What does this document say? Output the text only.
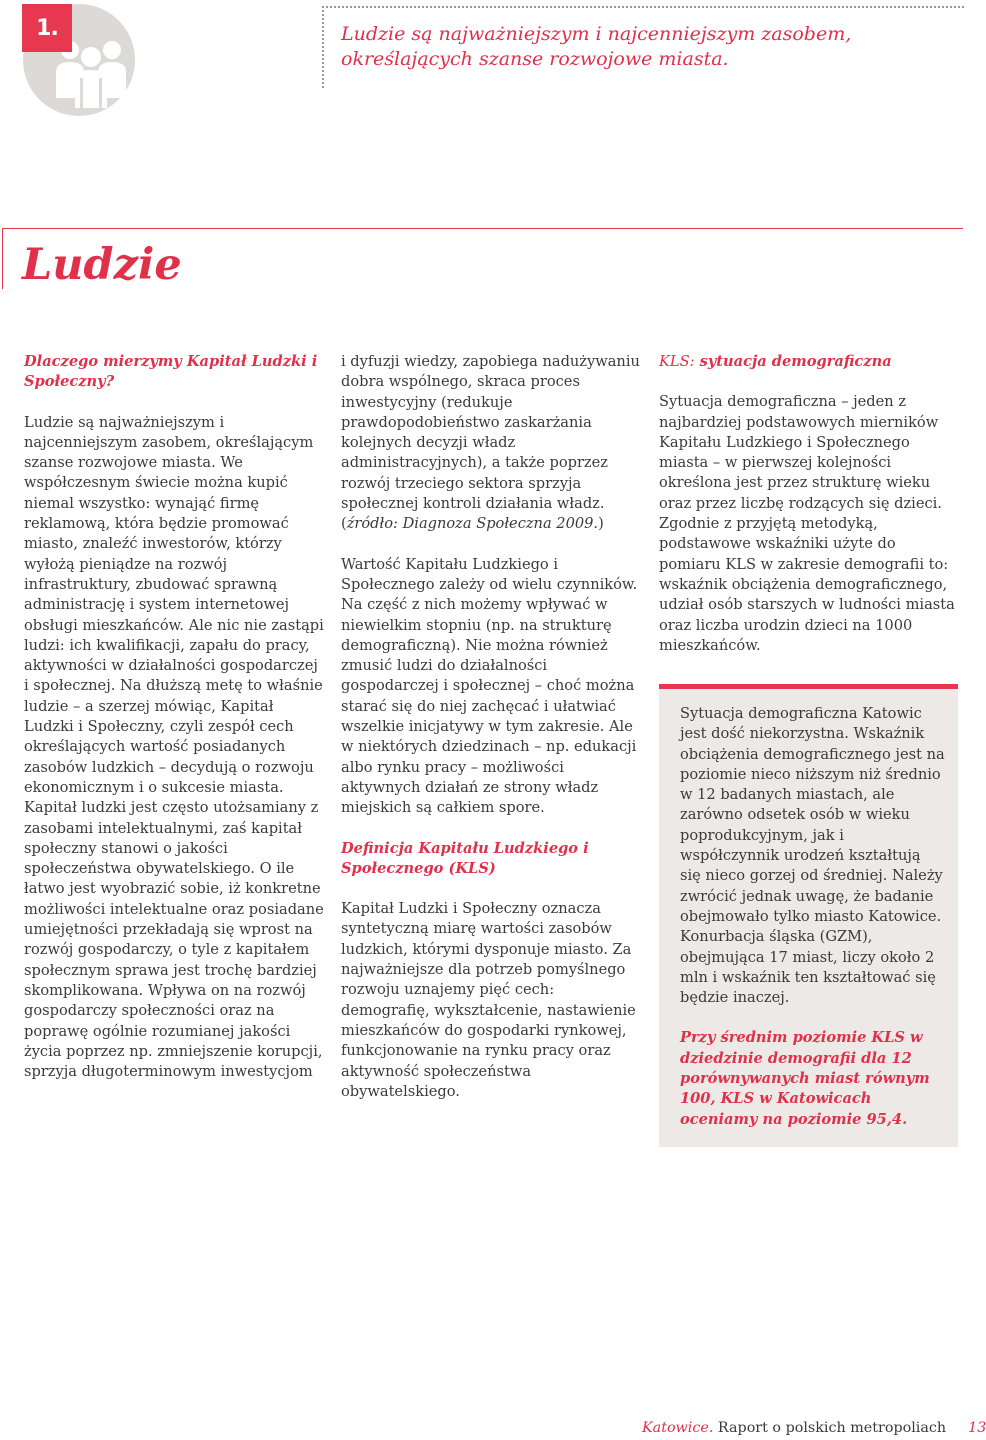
1.	Ludzie są najważniejszym i najcenniejszym zasobem, określających szanse rozwojowe miasta.
Ludzie

Dlaczego mierzymy Kapitał Ludzki i Społeczny?

Ludzie są najważniejszym i najcenniejszym zasobem, określającym szanse rozwojowe miasta. We współczesnym świecie można kupić niemal wszystko: wynająć firmę reklamową, która będzie promować miasto, znaleźć inwestorów, którzy wyłożą pieniądze na rozwój infrastruktury, zbudować sprawną administrację i system internetowej obsługi mieszkańców. Ale nic nie zastąpi ludzi: ich kwalifikacji, zapału do pracy, aktywności w działalności gospodarczej i społecznej. Na dłuższą metę to właśnie ludzie – a szerzej mówiąc, Kapitał Ludzki i Społeczny, czyli zespół cech określających wartość posiadanych zasobów ludzkich – decydują o rozwoju ekonomicznym i o sukcesie miasta. Kapitał ludzki jest często utożsamiany z zasobami intelektualnymi, zaś kapitał społeczny stanowi o jakości społeczeństwa obywatelskiego. O ile łatwo jest wyobrazić sobie, iż konkretne możliwości intelektualne oraz posiadane umiejętności przekładają się wprost na rozwój gospodarczy, o tyle z kapitałem społecznym sprawa jest trochę bardziej skomplikowana. Wpływa on na rozwój gospodarczy społeczności oraz na poprawę ogólnie rozumianej jakości życia poprzez np. zmniejszenie korupcji, sprzyja długoterminowym inwestycjom

i dyfuzji wiedzy, zapobiega nadużywaniu dobra wspólnego, skraca proces inwestycyjny (redukuje prawdopodobieństwo zaskarżania kolejnych decyzji władz administracyjnych), a także poprzez rozwój trzeciego sektora sprzyja społecznej kontroli działania władz. (źródło: Diagnoza Społeczna 2009.)

Wartość Kapitału Ludzkiego i Społecznego zależy od wielu czynników. Na część z nich możemy wpływać w niewielkim stopniu (np. na strukturę demograficzną). Nie można również zmusić ludzi do działalności gospodarczej i społecznej – choć można starać się do niej zachęcać i ułatwiać wszelkie inicjatywy w tym zakresie. Ale w niektórych dziedzinach – np. edukacji albo rynku pracy – możliwości aktywnych działań ze strony władz miejskich są całkiem spore.

Definicja Kapitału Ludzkiego i Społecznego (KLS)

Kapitał Ludzki i Społeczny oznacza syntetyczną miarę wartości zasobów ludzkich, którymi dysponuje miasto. Za najważniejsze dla potrzeb pomyślnego rozwoju uznajemy pięć cech: demografię, wykształcenie, nastawienie mieszkańców do gospodarki rynkowej, funkcjonowanie na rynku pracy oraz aktywność społeczeństwa obywatelskiego.

KLS: sytuacja demograficzna

Sytuacja demograficzna – jeden z najbardziej podstawowych mierników Kapitału Ludzkiego i Społecznego miasta – w pierwszej kolejności określona jest przez strukturę wieku oraz przez liczbę rodzących się dzieci. Zgodnie z przyjętą metodyką, podstawowe wskaźniki użyte do pomiaru KLS w zakresie demografii to: wskaźnik obciążenia demograficznego, udział osób starszych w ludności miasta oraz liczba urodzin dzieci na 1000 mieszkańców.

Sytuacja demograficzna Katowic jest dość niekorzystna. Wskaźnik obciążenia demograficznego jest na poziomie nieco niższym niż średnio w 12 badanych miastach, ale zarówno odsetek osób w wieku poprodukcyjnym, jak i współczynnik urodzeń kształtują się nieco gorzej od średniej. Należy zwrócić jednak uwagę, że badanie obejmowało tylko miasto Katowice. Konurbacja śląska (GZM), obejmująca 17 miast, liczy około 2 mln i wskaźnik ten kształtować się będzie inaczej.

Przy średnim poziomie KLS w dziedzinie demografii dla 12 porównywanych miast równym 100, KLS w Katowicach oceniamy na poziomie 95,4.

Katowice. Raport o polskich metropoliach 13
